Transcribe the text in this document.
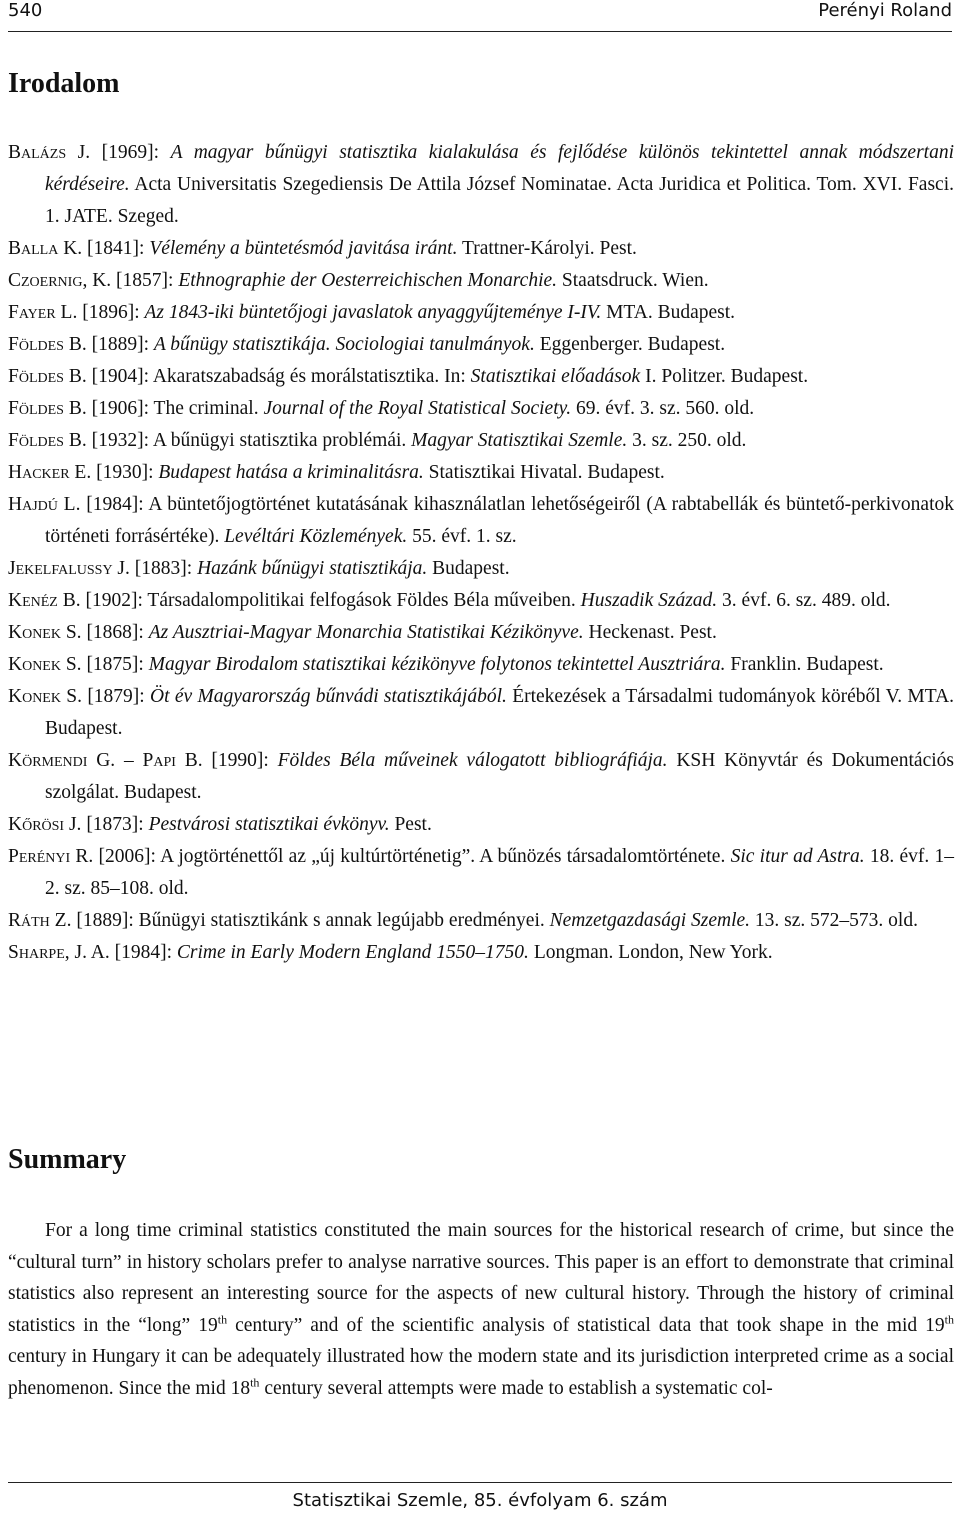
540	Perényi Roland
Irodalom

Balázs J. [1969]: A magyar bűnügyi statisztika kialakulása és fejlődése különös tekintettel annak módszertani kérdéseire. Acta Universitatis Szegediensis De Attila József Nominatae. Acta Juridica et Politica. Tom. XVI. Fasci. 1. JATE. Szeged.

Balla K. [1841]: Vélemény a büntetésmód javitása iránt. Trattner-Károlyi. Pest.

Czoernig, K. [1857]: Ethnographie der Oesterreichischen Monarchie. Staatsdruck. Wien.

Fayer L. [1896]: Az 1843-iki büntetőjogi javaslatok anyaggyűjteménye I-IV. MTA. Budapest.

Földes B. [1889]: A bűnügy statisztikája. Sociologiai tanulmányok. Eggenberger. Budapest.

Földes B. [1904]: Akaratszabadság és morálstatisztika. In: Statisztikai előadások I. Politzer. Budapest.

Földes B. [1906]: The criminal. Journal of the Royal Statistical Society. 69. évf. 3. sz. 560. old.

Földes B. [1932]: A bűnügyi statisztika problémái. Magyar Statisztikai Szemle. 3. sz. 250. old.

Hacker E. [1930]: Budapest hatása a kriminalitásra. Statisztikai Hivatal. Budapest.

Hajdú L. [1984]: A büntetőjogtörténet kutatásának kihasználatlan lehetőségeiről (A rabtabellák és büntető-perkivonatok történeti forrásértéke). Levéltári Közlemények. 55. évf. 1. sz.

Jekelfalussy J. [1883]: Hazánk bűnügyi statisztikája. Budapest.

Kenéz B. [1902]: Társadalompolitikai felfogások Földes Béla műveiben. Huszadik Század. 3. évf. 6. sz. 489. old.

Konek S. [1868]: Az Ausztriai-Magyar Monarchia Statistikai Kézikönyve. Heckenast. Pest.

Konek S. [1875]: Magyar Birodalom statisztikai kézikönyve folytonos tekintettel Ausztriára. Franklin. Budapest.

Konek S. [1879]: Öt év Magyarország bűnvádi statisztikájából. Értekezések a Társadalmi tudományok köréből V. MTA. Budapest.

Körmendi G. – Papi B. [1990]: Földes Béla műveinek válogatott bibliográfiája. KSH Könyvtár és Dokumentációs szolgálat. Budapest.

Kőrösi J. [1873]: Pestvárosi statisztikai évkönyv. Pest.

Perényi R. [2006]: A jogtörténettől az „új kultúrtörténetig”. A bűnözés társadalomtörténete. Sic itur ad Astra. 18. évf. 1–2. sz. 85–108. old.

Ráth Z. [1889]: Bűnügyi statisztikánk s annak legújabb eredményei. Nemzetgazdasági Szemle. 13. sz. 572–573. old.

Sharpe, J. A. [1984]: Crime in Early Modern England 1550–1750. Longman. London, New York.

Summary

For a long time criminal statistics constituted the main sources for the historical research of crime, but since the “cultural turn” in history scholars prefer to analyse narrative sources. This paper is an effort to demonstrate that criminal statistics also represent an interesting source for the aspects of new cultural history. Through the history of criminal statistics in the “long” 19th century” and of the scientific analysis of statistical data that took shape in the mid 19th century in Hungary it can be adequately illustrated how the modern state and its jurisdiction interpreted crime as a social phenomenon. Since the mid 18th century several attempts were made to establish a systematic col-

Statisztikai Szemle, 85. évfolyam 6. szám
